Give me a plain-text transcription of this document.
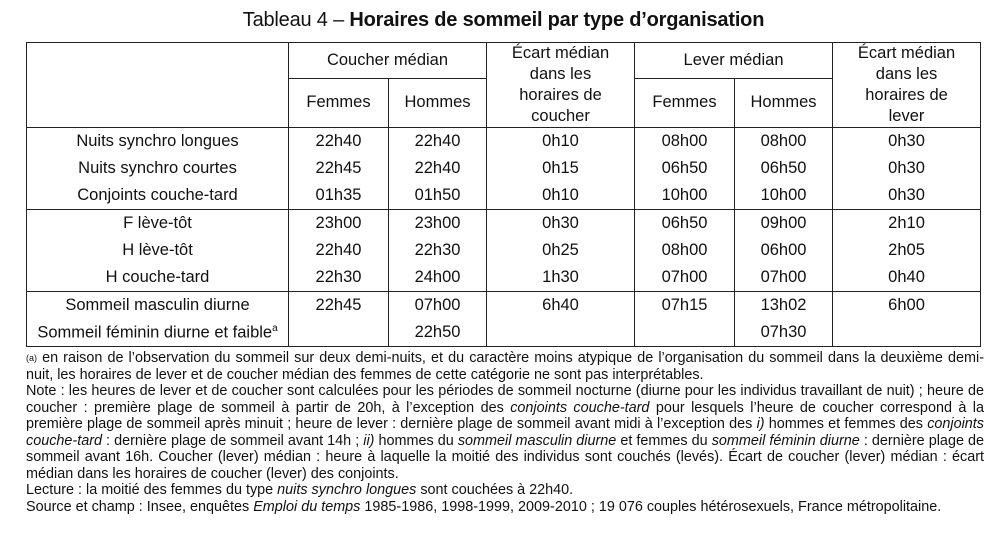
Tableau 4 – Horaires de sommeil par type d’organisation
	Coucher médian		Écart médian dans les horaires de coucher	Lever médian		Écart médian dans les horaires de lever
	Femmes	Hommes		Femmes	Hommes	
Nuits synchro longues	22h40	22h40	0h10	08h00	08h00	0h30
Nuits synchro courtes	22h45	22h40	0h15	06h50	06h50	0h30
Conjoints couche-tard	01h35	01h50	0h10	10h00	10h00	0h30
F lève-tôt	23h00	23h00	0h30	06h50	09h00	2h10
H lève-tôt	22h40	22h30	0h25	08h00	06h00	2h05
H couche-tard	22h30	24h00	1h30	07h00	07h00	0h40
Sommeil masculin diurne	22h45	07h00	6h40	07h15	13h02	6h00
Sommeil féminin diurne et faible$^a$		22h50			07h30	

$^{(a)}$ en raison de l’observation du sommeil sur deux demi-nuits, et du caractère moins atypique de l’organisation du sommeil dans la deuxième demi-nuit, les horaires de lever et de coucher médian des femmes de cette catégorie ne sont pas interprétables.

Note : les heures de lever et de coucher sont calculées pour les périodes de sommeil nocturne (diurne pour les individus travaillant de nuit) ; heure de coucher : première plage de sommeil à partir de 20h, à l’exception des conjoints couche-tard pour lesquels l’heure de coucher correspond à la première plage de sommeil après minuit ; heure de lever : dernière plage de sommeil avant midi à l’exception des i) hommes et femmes des conjoints couche-tard : dernière plage de sommeil avant 14h ; ii) hommes du sommeil masculin diurne et femmes du sommeil féminin diurne : dernière plage de sommeil avant 16h. Coucher (lever) médian : heure à laquelle la moitié des individus sont couchés (levés). Écart de coucher (lever) médian : écart médian dans les horaires de coucher (lever) des conjoints.

Lecture : la moitié des femmes du type nuits synchro longues sont couchées à 22h40.

Source et champ : Insee, enquêtes Emploi du temps 1985-1986, 1998-1999, 2009-2010 ; 19 076 couples hétérosexuels, France métropolitaine.
